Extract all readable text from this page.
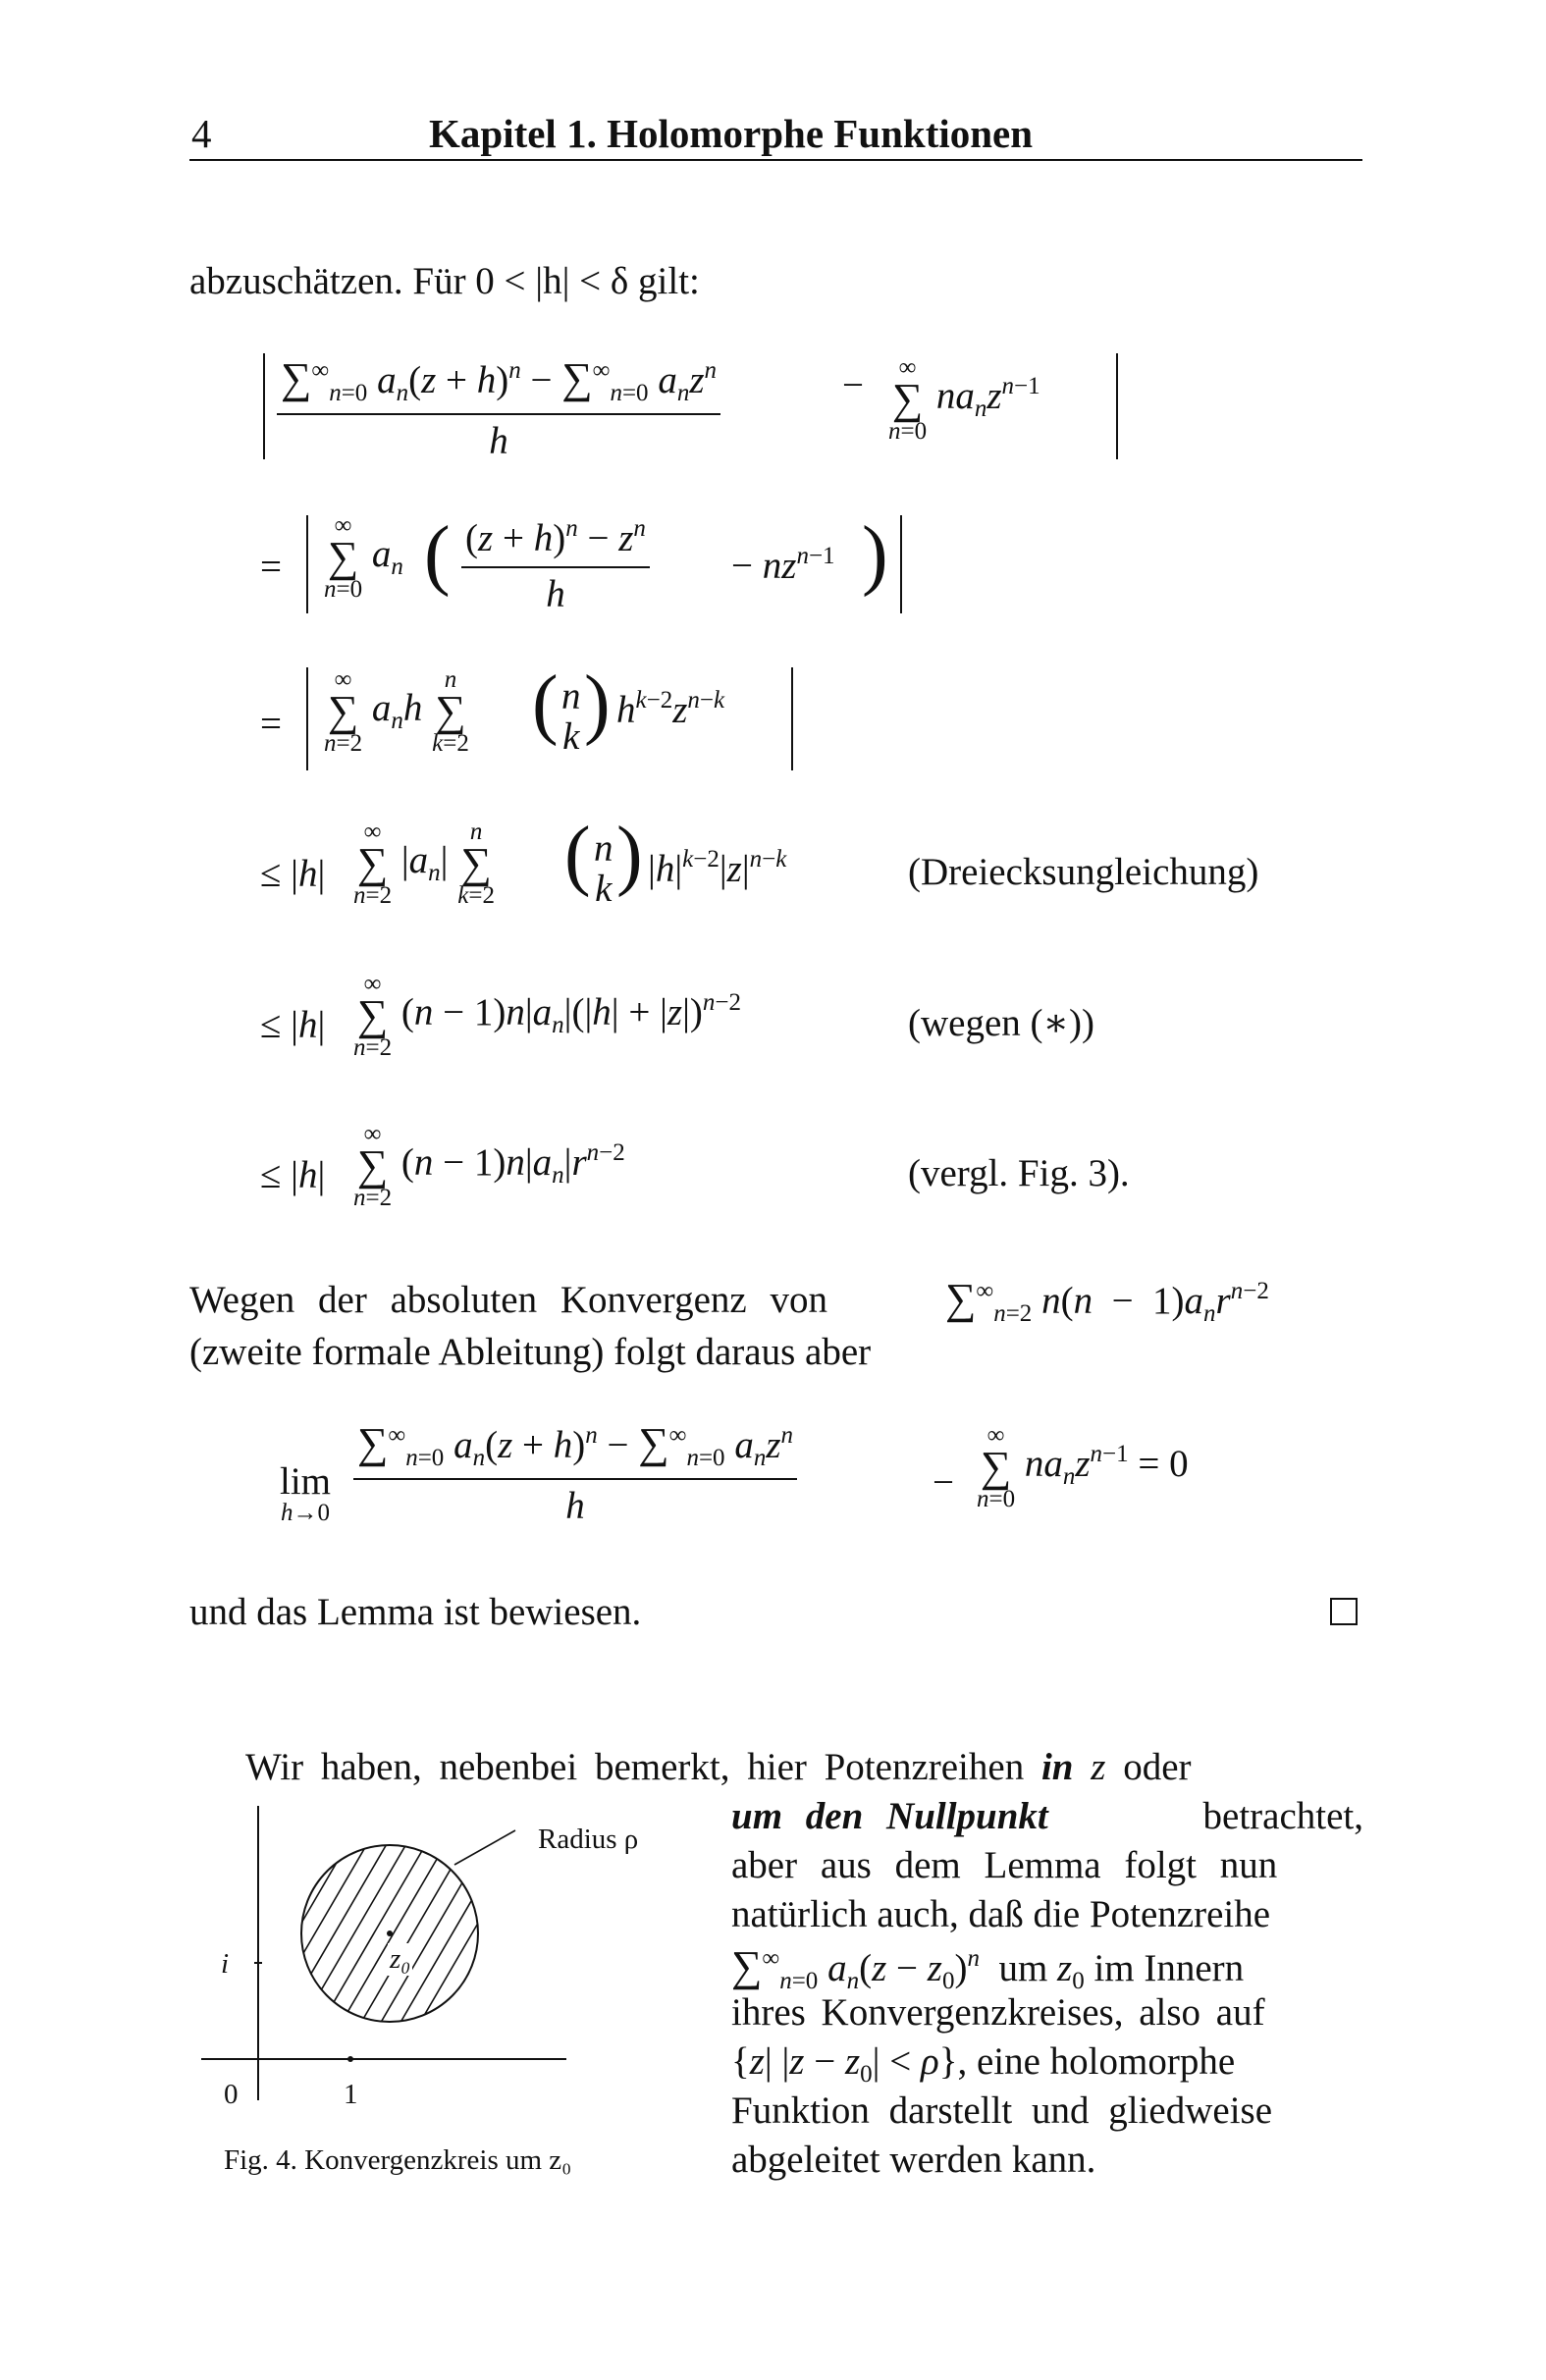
4	Kapitel 1. Holomorphe Funktionen
abzuschätzen. Für 0 < |h| < δ gilt:
$\frac{\sum^\infty_{n=0} a_n(z + h)^n - \sum^\infty_{n=0} a_nz^n}{h}$	−	∞
∑
n=0
$na_nz^{n-1}$
=
∞
∑
n=0
$a_n$ ( $\frac{(z + h)^n - z^n}{h} - nz^{n-1}$ )
=
∞
∑
n=2
$a_nh$
n
∑
k=2 ( n
k ) $h^{k-2}z^{n-k}$
≤ |h|
∞
∑
n=2
$|a_n|$
n
∑
k=2 ( n
k ) $|h|^{k-2}|z|^{n-k}$	(Dreiecksungleichung)
≤ |h|
∞
∑
n=2
$(n - 1)n|a_n|(|h| + |z|)^{n-2}$	(wegen (∗))
≤ |h|
∞
∑
n=2
$(n - 1)n|a_n|r^{n-2}$	(vergl. Fig. 3).
Wegen der absoluten Konvergenz von	$\sum^\infty_{n=2}$ $n(n - 1)a_nr^{n-2}$
(zweite formale Ableitung) folgt daraus aber
lim
$h\to 0 \frac{\sum^\infty_{n=0} a_n(z + h)^n - \sum^\infty_{n=0} a_nz^n}{h}$	−
∞
∑
n=0
$na_nz^{n-1} = 0$
und das Lemma ist bewiesen.
Wir haben, nebenbei bemerkt, hier Potenzreihen in z oder
um den Nullpunkt	betrachtet,
aber aus dem Lemma folgt nun
natürlich auch, daß die Potenzreihe
$\sum^\infty_{n=0}$ $a_n(z - z_0)^n$  um $z_0$ im Innern
ihres Konvergenzkreises, also auf
{z| $|z - z_0| < \rho$}, eine holomorphe
Funktion darstellt und gliedweise
abgeleitet werden kann.
Radius ρ
z₀
i
0	1
Fig. 4. Konvergenzkreis um z₀
